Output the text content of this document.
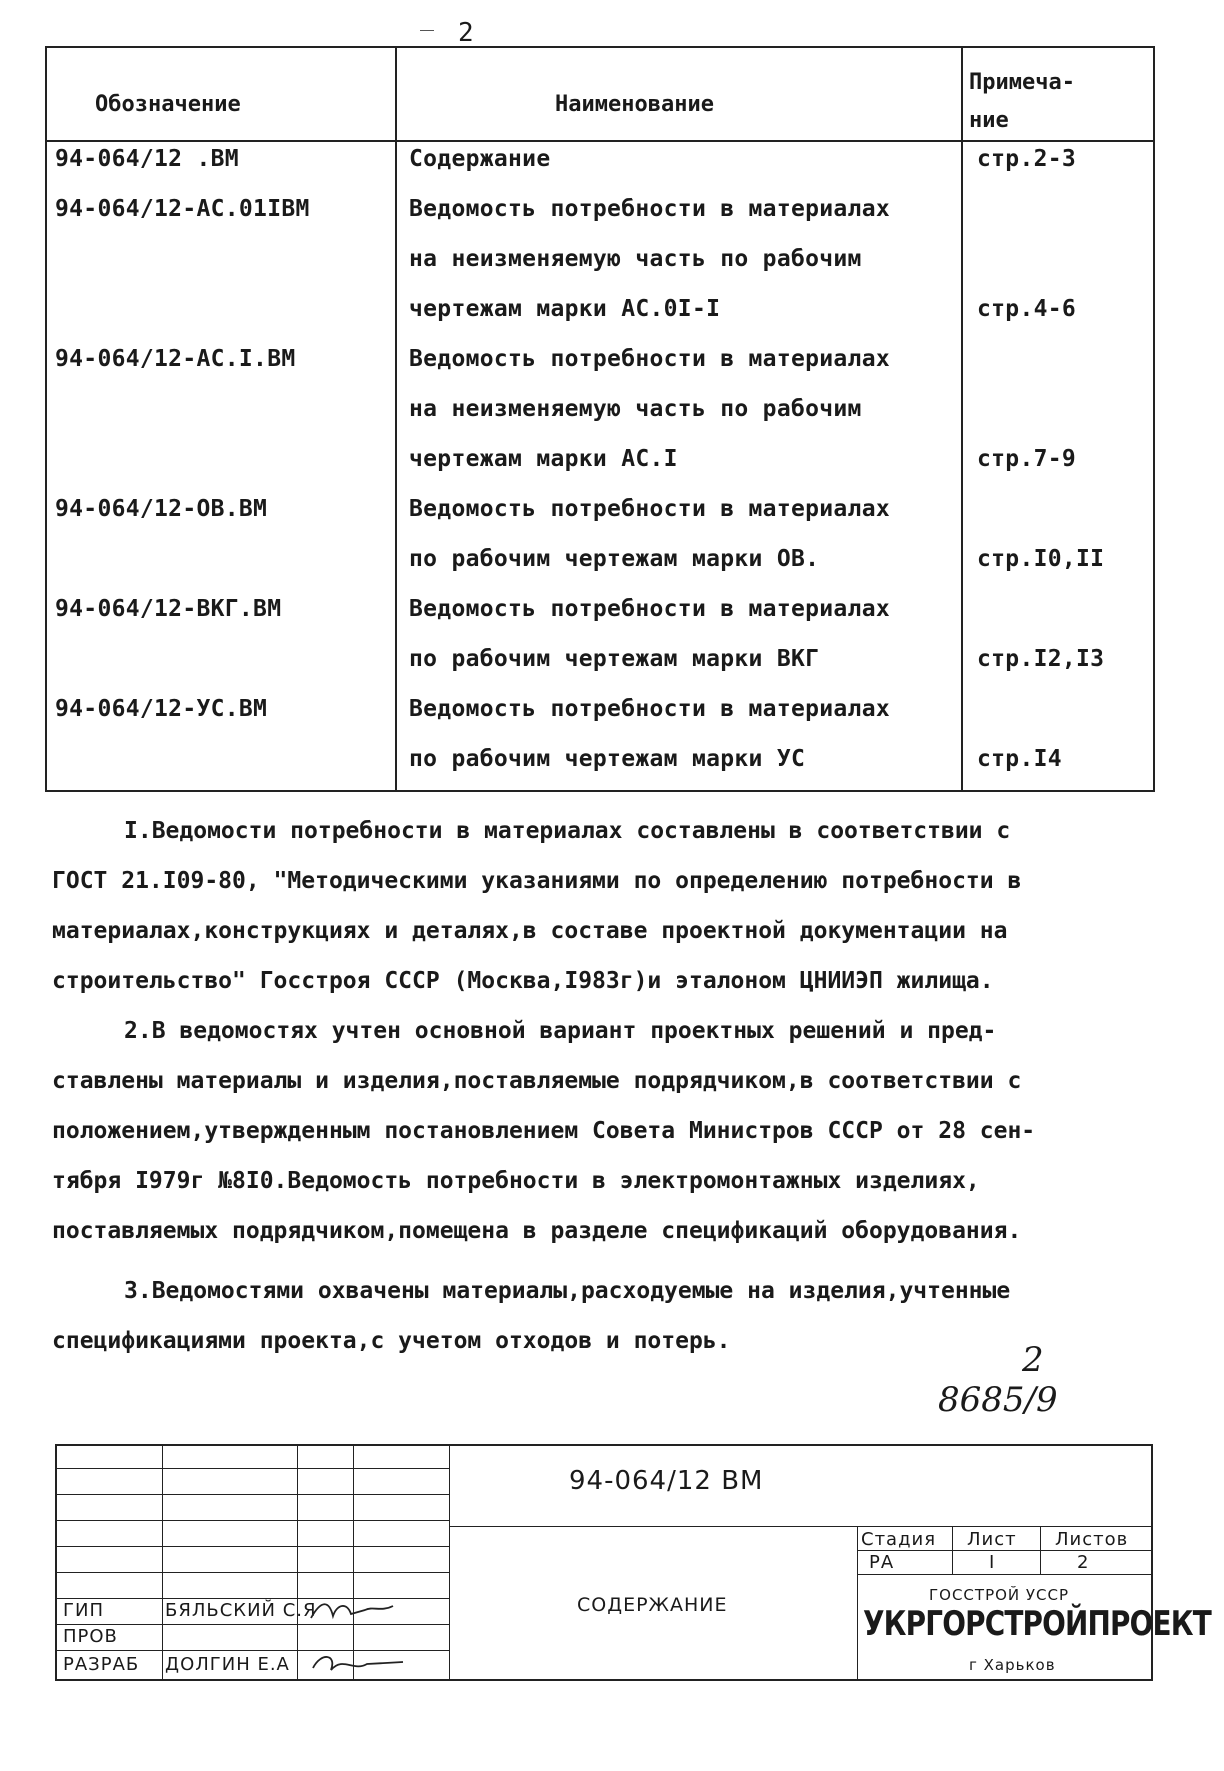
2
Обозначение	Наименование
Примеча-
ние
94-064/12 .ВМ	Содержание	стр.2-3
94-064/12-АС.01IВМ	Ведомость потребности в материалах
на неизменяемую часть по рабочим
чертежам марки АС.0I-I	стр.4-6
94-064/12-АС.I.ВМ	Ведомость потребности в материалах
на неизменяемую часть по рабочим
чертежам марки АС.I	стр.7-9
94-064/12-ОВ.ВМ	Ведомость потребности в материалах
по рабочим чертежам марки ОВ.	стр.I0,II
94-064/12-ВКГ.ВМ	Ведомость потребности в материалах
по рабочим чертежам марки ВКГ	стр.I2,I3
94-064/12-УС.ВМ	Ведомость потребности в материалах
по рабочим чертежам марки УС	стр.I4
I.Ведомости потребности в материалах составлены в соответствии с
ГОСТ 21.I09-80, "Методическими указаниями по определению потребности в
материалах,конструкциях и деталях,в составе проектной документации на
строительство" Госстроя СССР (Москва,I983г)и эталоном ЦНИИЭП жилища.
2.В ведомостях учтен основной вариант проектных решений и пред-
ставлены материалы и изделия,поставляемые подрядчиком,в соответствии с
положением,утвержденным постановлением Совета Министров СССР от 28 сен-
тября I979г №8I0.Ведомость потребности в электромонтажных изделиях,
поставляемых подрядчиком,помещена в разделе спецификаций оборудования.
3.Ведомостями охвачены материалы,расходуемые на изделия,учтенные
спецификациями проекта,с учетом отходов и потерь.	2
8685/9
ГИП	БЯЛЬСКИЙ С.Я
ПРОВ
РАЗРАБ ДОЛГИН Е.А
94-064/12 ВМ
СОДЕРЖАНИЕ
Стадия Лист Листов
РА	I	2
ГОССТРОЙ УССР
УКРГОРСТРОЙПРОЕКТ
г Харьков
